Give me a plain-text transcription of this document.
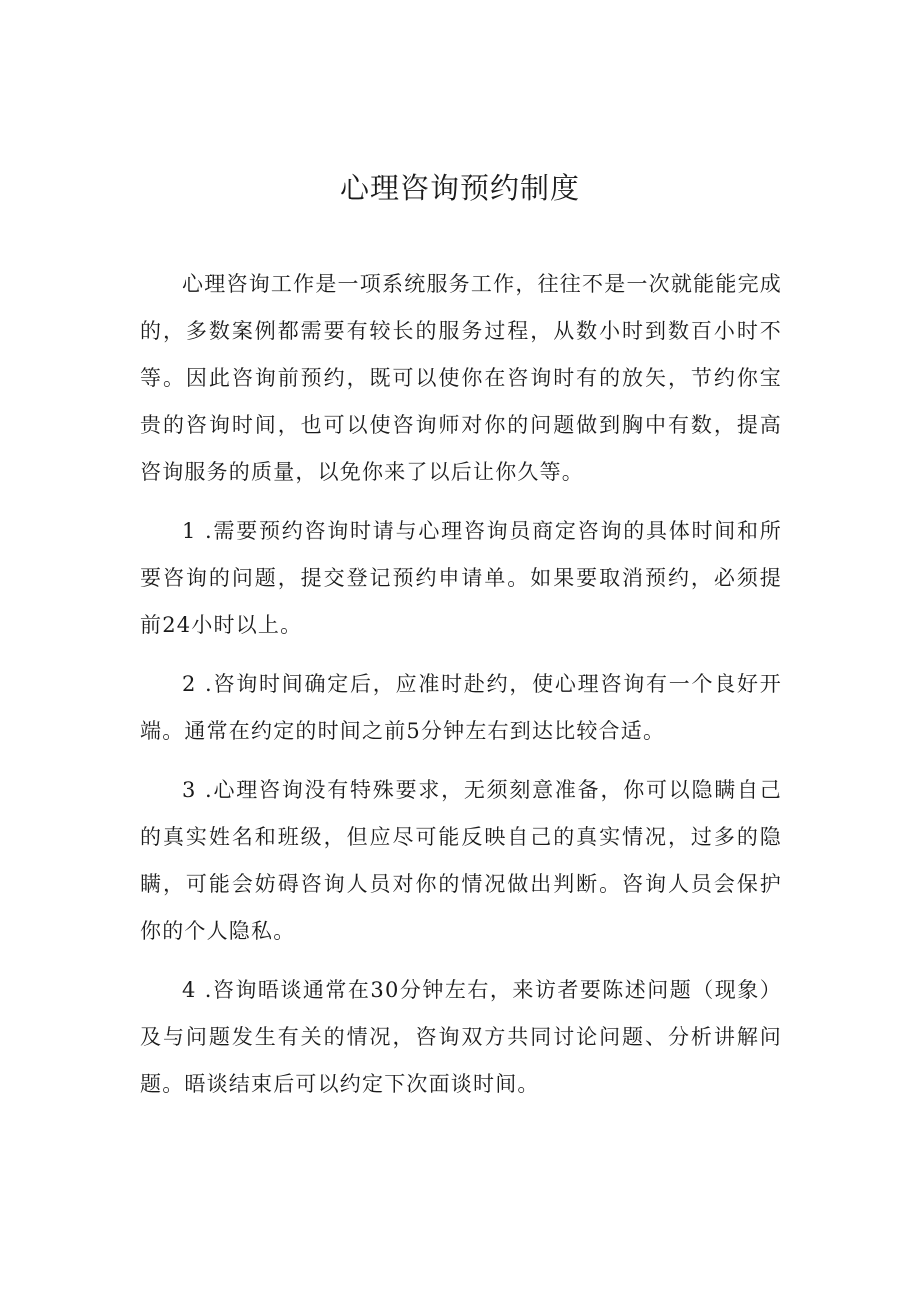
心理咨询预约制度

心理咨询工作是一项系统服务工作，往往不是一次就能能完成的，多数案例都需要有较长的服务过程，从数小时到数百小时不等。因此咨询前预约，既可以使你在咨询时有的放矢，节约你宝贵的咨询时间，也可以使咨询师对你的问题做到胸中有数，提高咨询服务的质量，以免你来了以后让你久等。

1 .需要预约咨询时请与心理咨询员商定咨询的具体时间和所要咨询的问题，提交登记预约申请单。如果要取消预约，必须提前24小时以上。

2 .咨询时间确定后，应准时赴约，使心理咨询有一个良好开端。通常在约定的时间之前5分钟左右到达比较合适。

3 .心理咨询没有特殊要求，无须刻意准备，你可以隐瞒自己的真实姓名和班级，但应尽可能反映自己的真实情况，过多的隐瞒，可能会妨碍咨询人员对你的情况做出判断。咨询人员会保护你的个人隐私。

4 .咨询晤谈通常在30分钟左右，来访者要陈述问题（现象）及与问题发生有关的情况，咨询双方共同讨论问题、分析讲解问题。晤谈结束后可以约定下次面谈时间。
